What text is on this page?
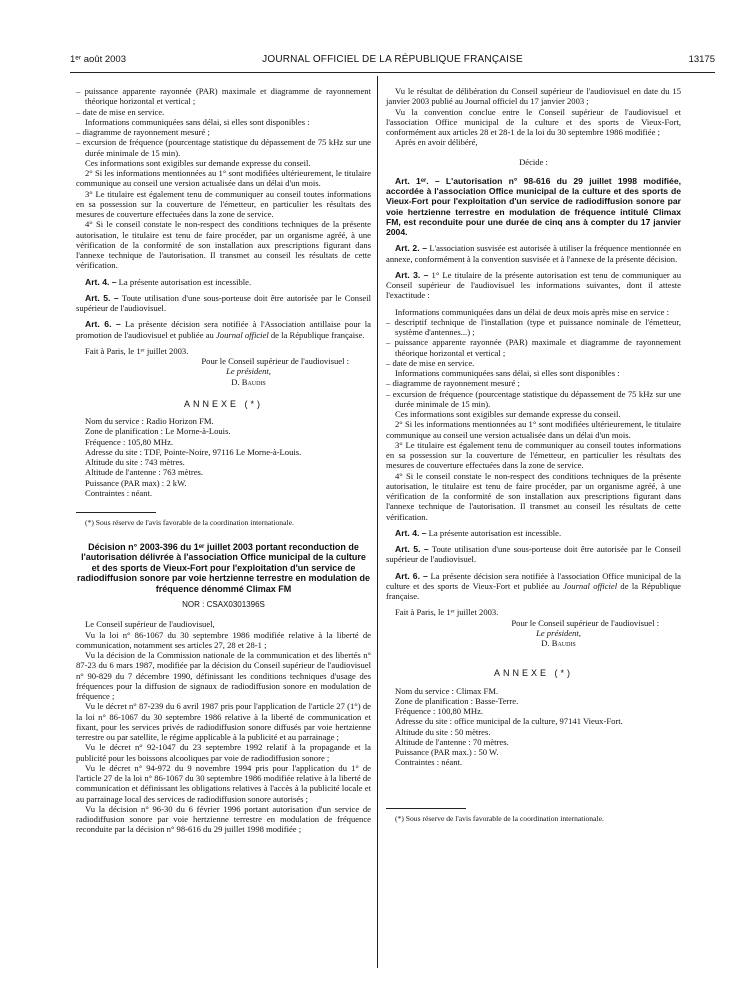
1ᵉʳ août 2003	JOURNAL OFFICIEL DE LA RÉPUBLIQUE FRANÇAISE	13175

– puissance apparente rayonnée (PAR) maximale et diagramme de rayonnement théorique horizontal et vertical ;

– date de mise en service.

Informations communiquées sans délai, si elles sont disponibles :

– diagramme de rayonnement mesuré ;

– excursion de fréquence (pourcentage statistique du dépassement de 75 kHz sur une durée minimale de 15 min).

Ces informations sont exigibles sur demande expresse du conseil.

2° Si les informations mentionnées au 1° sont modifiées ultérieurement, le titulaire communique au conseil une version actualisée dans un délai d'un mois.

3° Le titulaire est également tenu de communiquer au conseil toutes informations en sa possession sur la couverture de l'émetteur, en particulier les résultats des mesures de couverture effectuées dans la zone de service.

4° Si le conseil constate le non-respect des conditions techniques de la présente autorisation, le titulaire est tenu de faire procéder, par un organisme agréé, à une vérification de la conformité de son installation aux prescriptions figurant dans l'annexe technique de l'autorisation. Il transmet au conseil les résultats de cette vérification.

Art. 4. – La présente autorisation est incessible.

Art. 5. – Toute utilisation d'une sous-porteuse doit être autorisée par le Conseil supérieur de l'audiovisuel.

Art. 6. – La présente décision sera notifiée à l'Association antillaise pour la promotion de l'audiovisuel et publiée au Journal officiel de la République française.

Fait à Paris, le 1ᵉʳ juillet 2003.

Pour le Conseil supérieur de l'audiovisuel :

Le président,

D. Baudis

ANNEXE (*)

Nom du service : Radio Horizon FM.

Zone de planification : Le Morne-à-Louis.

Fréquence : 105,80 MHz.

Adresse du site : TDF, Pointe-Noire, 97116 Le Morne-à-Louis.

Altitude du site : 743 mètres.

Altitude de l'antenne : 763 mètres.

Puissance (PAR max) : 2 kW.

Contraintes : néant.

(*) Sous réserve de l'avis favorable de la coordination internationale.

Décision n° 2003-396 du 1ᵉʳ juillet 2003 portant reconduction de l'autorisation délivrée à l'association Office municipal de la culture et des sports de Vieux-Fort pour l'exploitation d'un service de radiodiffusion sonore par voie hertzienne terrestre en modulation de fréquence dénommé Climax FM

NOR : CSAX0301396S

Le Conseil supérieur de l'audiovisuel,

Vu la loi n° 86-1067 du 30 septembre 1986 modifiée relative à la liberté de communication, notamment ses articles 27, 28 et 28-1 ;

Vu la décision de la Commission nationale de la communication et des libertés n° 87-23 du 6 mars 1987, modifiée par la décision du Conseil supérieur de l'audiovisuel n° 90-829 du 7 décembre 1990, définissant les conditions techniques d'usage des fréquences pour la diffusion de signaux de radiodiffusion sonore en modulation de fréquence ;

Vu le décret n° 87-239 du 6 avril 1987 pris pour l'application de l'article 27 (1°) de la loi n° 86-1067 du 30 septembre 1986 relative à la liberté de communication et fixant, pour les services privés de radiodiffusion sonore diffusés par voie hertzienne terrestre ou par satellite, le régime applicable à la publicité et au parrainage ;

Vu le décret n° 92-1047 du 23 septembre 1992 relatif à la propagande et la publicité pour les boissons alcooliques par voie de radiodiffusion sonore ;

Vu le décret n° 94-972 du 9 novembre 1994 pris pour l'application du 1° de l'article 27 de la loi n° 86-1067 du 30 septembre 1986 modifiée relative à la liberté de communication et définissant les obligations relatives à l'accès à la publicité locale et au parrainage local des services de radiodiffusion sonore autorisés ;

Vu la décision n° 96-30 du 6 février 1996 portant autorisation d'un service de radiodiffusion sonore par voie hertzienne terrestre en modulation de fréquence reconduite par la décision n° 98-616 du 29 juillet 1998 modifiée ;

Vu le résultat de délibération du Conseil supérieur de l'audiovisuel en date du 15 janvier 2003 publié au Journal officiel du 17 janvier 2003 ;

Vu la convention conclue entre le Conseil supérieur de l'audiovisuel et l'association Office municipal de la culture et des sports de Vieux-Fort, conformément aux articles 28 et 28-1 de la loi du 30 septembre 1986 modifiée ;

Après en avoir délibéré,

Décide :

Art. 1ᵉʳ. – L'autorisation n° 98-616 du 29 juillet 1998 modifiée, accordée à l'association Office municipal de la culture et des sports de Vieux-Fort pour l'exploitation d'un service de radiodiffusion sonore par voie hertzienne terrestre en modulation de fréquence intitulé Climax FM, est reconduite pour une durée de cinq ans à compter du 17 janvier 2004.

Art. 2. – L'association susvisée est autorisée à utiliser la fréquence mentionnée en annexe, conformément à la convention susvisée et à l'annexe de la présente décision.

Art. 3. – 1° Le titulaire de la présente autorisation est tenu de communiquer au Conseil supérieur de l'audiovisuel les informations suivantes, dont il atteste l'exactitude :

Informations communiquées dans un délai de deux mois après mise en service :

– descriptif technique de l'installation (type et puissance nominale de l'émetteur, système d'antennes...) ;

– puissance apparente rayonnée (PAR) maximale et diagramme de rayonnement théorique horizontal et vertical ;

– date de mise en service.

Informations communiquées sans délai, si elles sont disponibles :

– diagramme de rayonnement mesuré ;

– excursion de fréquence (pourcentage statistique du dépassement de 75 kHz sur une durée minimale de 15 min).

Ces informations sont exigibles sur demande expresse du conseil.

2° Si les informations mentionnées au 1° sont modifiées ultérieurement, le titulaire communique au conseil une version actualisée dans un délai d'un mois.

3° Le titulaire est également tenu de communiquer au conseil toutes informations en sa possession sur la couverture de l'émetteur, en particulier les résultats des mesures de couverture effectuées dans la zone de service.

4° Si le conseil constate le non-respect des conditions techniques de la présente autorisation, le titulaire est tenu de faire procéder, par un organisme agréé, à une vérification de la conformité de son installation aux prescriptions figurant dans l'annexe technique de l'autorisation. Il transmet au conseil les résultats de cette vérification.

Art. 4. – La présente autorisation est incessible.

Art. 5. – Toute utilisation d'une sous-porteuse doit être autorisée par le Conseil supérieur de l'audiovisuel.

Art. 6. – La présente décision sera notifiée à l'association Office municipal de la culture et des sports de Vieux-Fort et publiée au Journal officiel de la République française.

Fait à Paris, le 1ᵉʳ juillet 2003.

Pour le Conseil supérieur de l'audiovisuel :

Le président,

D. Baudis

ANNEXE (*)

Nom du service : Climax FM.

Zone de planification : Basse-Terre.

Fréquence : 100,80 MHz.

Adresse du site : office municipal de la culture, 97141 Vieux-Fort.

Altitude du site : 50 mètres.

Altitude de l'antenne : 70 mètres.

Puissance (PAR max.) : 50 W.

Contraintes : néant.

(*) Sous réserve de l'avis favorable de la coordination internationale.
